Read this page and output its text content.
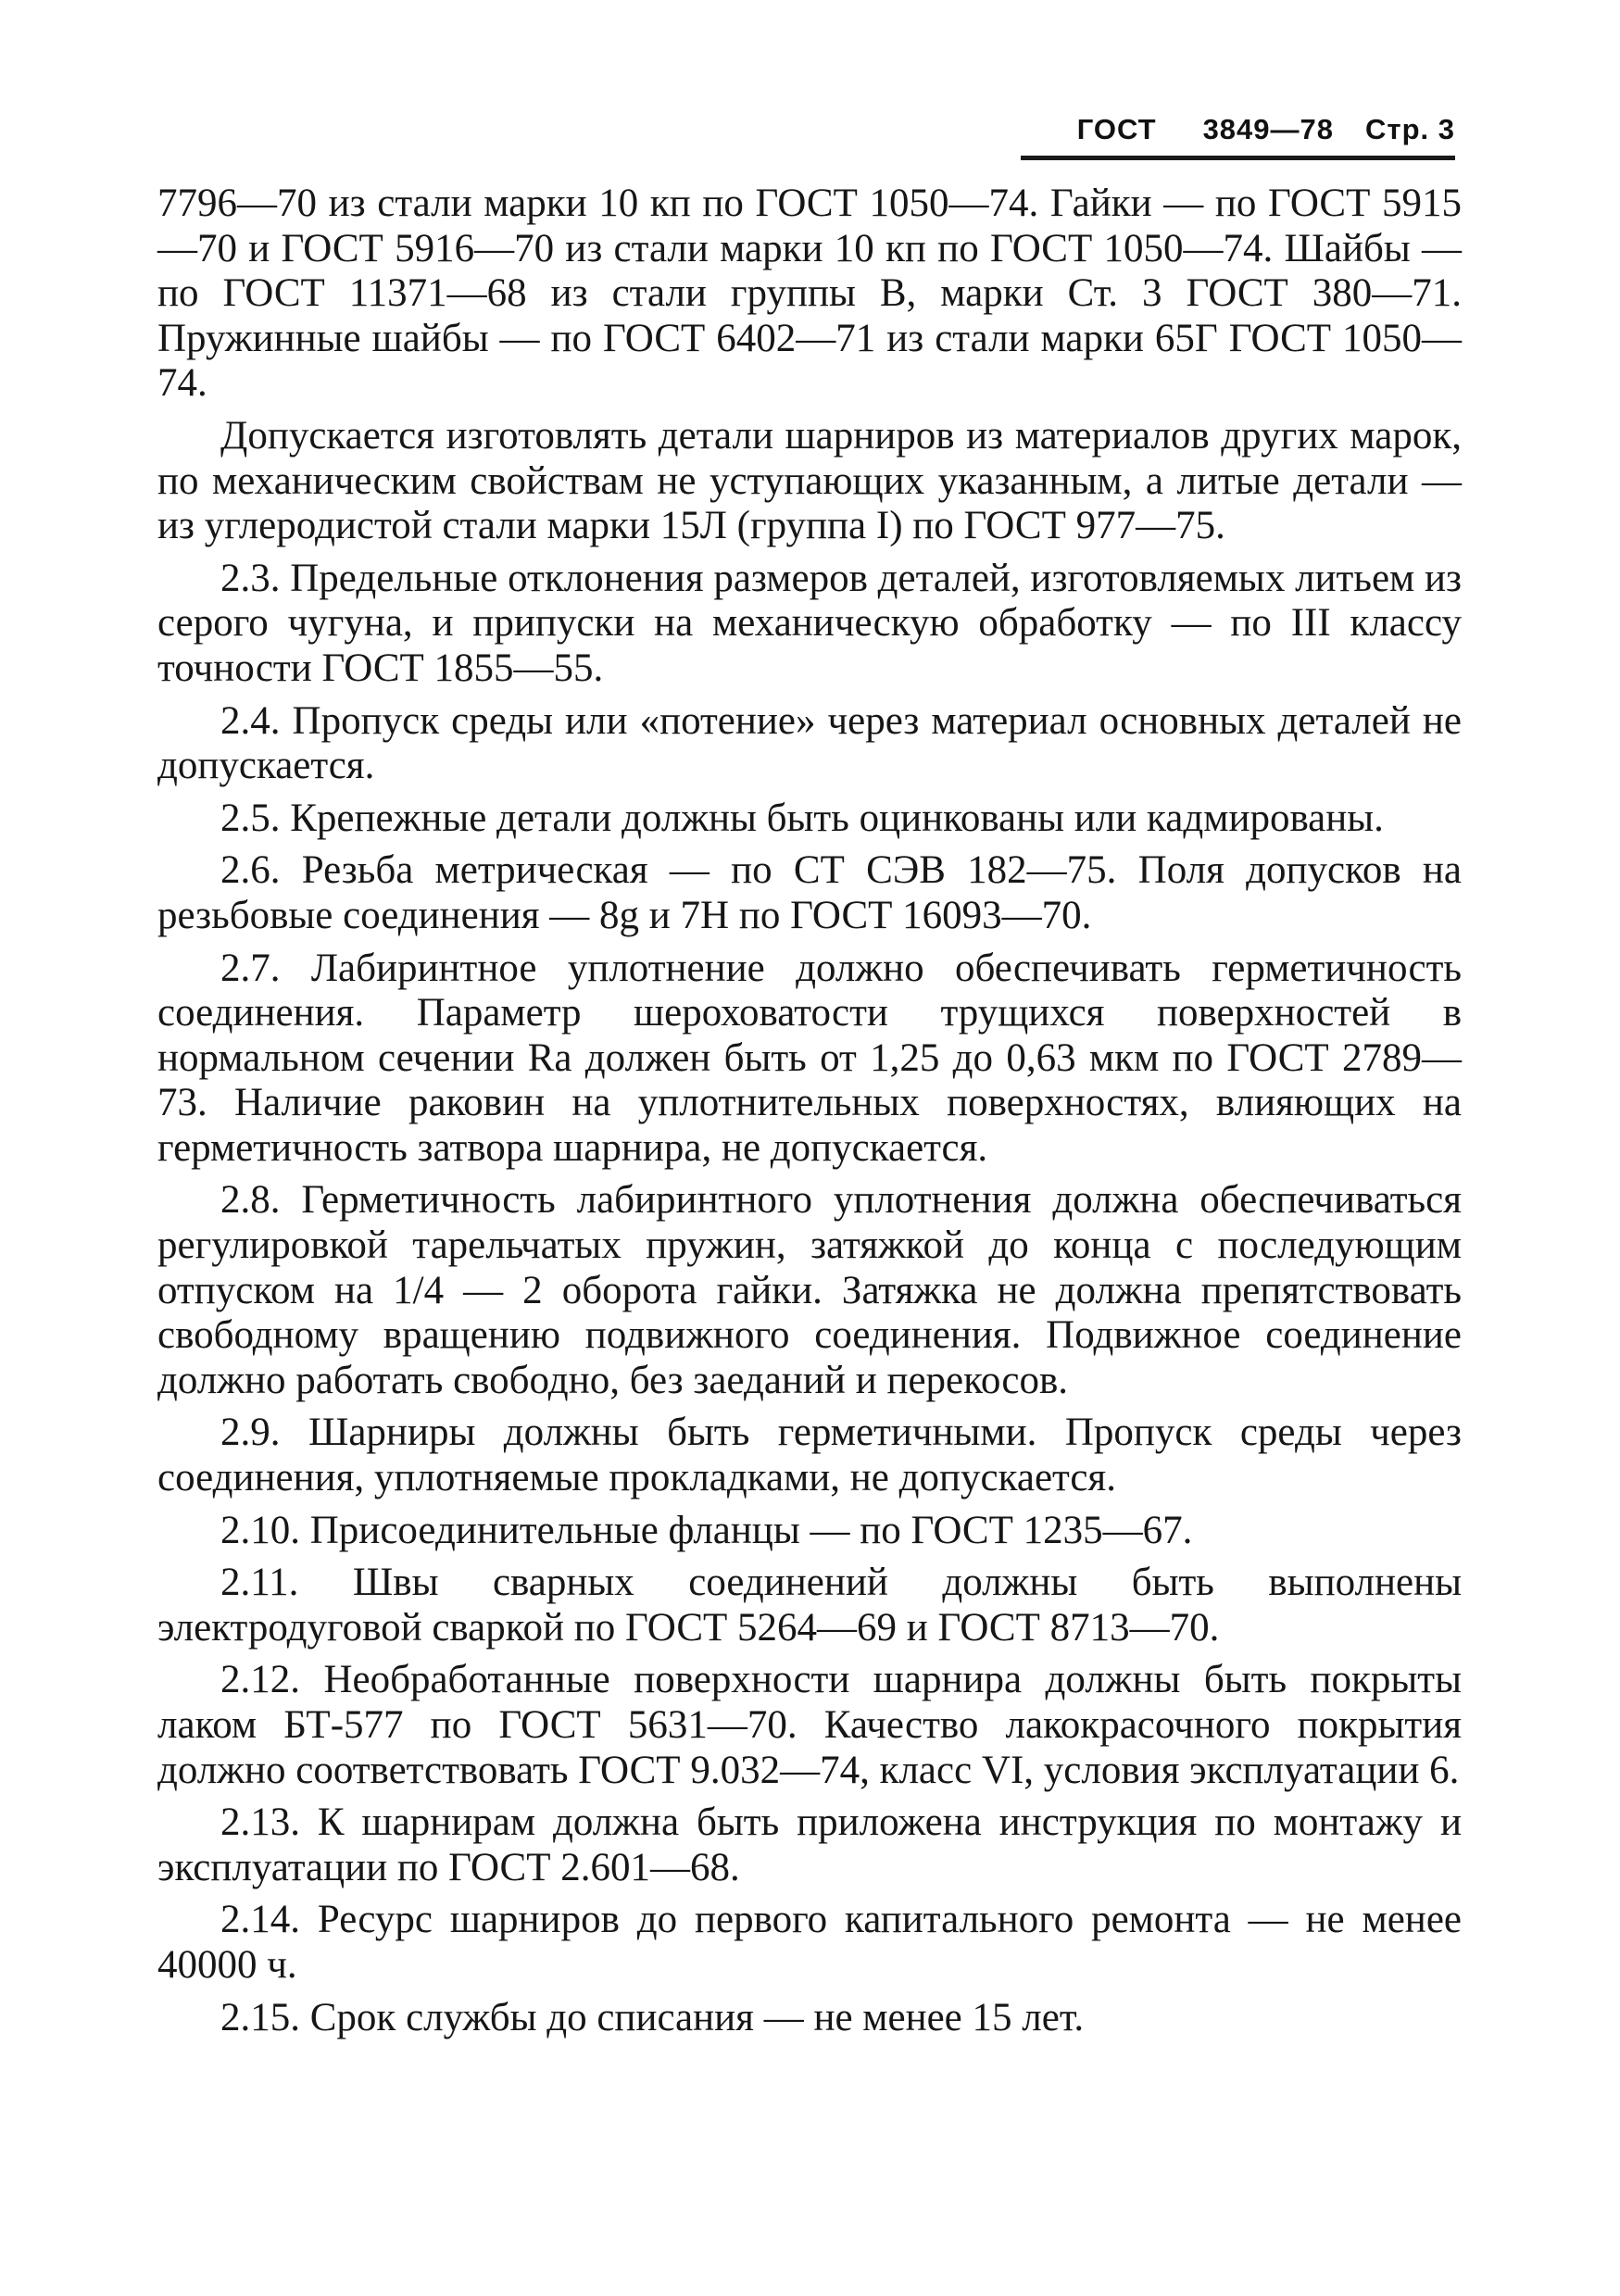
ГОСТ 3849—78 Стр. 3

7796—70 из стали марки 10 кп по ГОСТ 1050—74. Гайки — по ГОСТ 5915—70 и ГОСТ 5916—70 из стали марки 10 кп по ГОСТ 1050—74. Шайбы — по ГОСТ 11371—68 из стали группы В, марки Ст. 3 ГОСТ 380—71. Пружинные шайбы — по ГОСТ 6402—71 из стали марки 65Г ГОСТ 1050—74.

Допускается изготовлять детали шарниров из материалов других марок, по механическим свойствам не уступающих указанным, а литые детали — из углеродистой стали марки 15Л (группа I) по ГОСТ 977—75.

2.3. Предельные отклонения размеров деталей, изготовляемых литьем из серого чугуна, и припуски на механическую обработку — по III классу точности ГОСТ 1855—55.

2.4. Пропуск среды или «потение» через материал основных деталей не допускается.

2.5. Крепежные детали должны быть оцинкованы или кадмированы.

2.6. Резьба метрическая — по СТ СЭВ 182—75. Поля допусков на резьбовые соединения — 8g и 7Н по ГОСТ 16093—70.

2.7. Лабиринтное уплотнение должно обеспечивать герметичность соединения. Параметр шероховатости трущихся поверхностей в нормальном сечении Ra должен быть от 1,25 до 0,63 мкм по ГОСТ 2789—73. Наличие раковин на уплотнительных поверхностях, влияющих на герметичность затвора шарнира, не допускается.

2.8. Герметичность лабиринтного уплотнения должна обеспечиваться регулировкой тарельчатых пружин, затяжкой до конца с последующим отпуском на 1/4 — 2 оборота гайки. Затяжка не должна препятствовать свободному вращению подвижного соединения. Подвижное соединение должно работать свободно, без заеданий и перекосов.

2.9. Шарниры должны быть герметичными. Пропуск среды через соединения, уплотняемые прокладками, не допускается.

2.10. Присоединительные фланцы — по ГОСТ 1235—67.

2.11. Швы сварных соединений должны быть выполнены электродуговой сваркой по ГОСТ 5264—69 и ГОСТ 8713—70.

2.12. Необработанные поверхности шарнира должны быть покрыты лаком БТ-577 по ГОСТ 5631—70. Качество лакокрасочного покрытия должно соответствовать ГОСТ 9.032—74, класс VI, условия эксплуатации 6.

2.13. К шарнирам должна быть приложена инструкция по монтажу и эксплуатации по ГОСТ 2.601—68.

2.14. Ресурс шарниров до первого капитального ремонта — не менее 40000 ч.

2.15. Срок службы до списания — не менее 15 лет.
